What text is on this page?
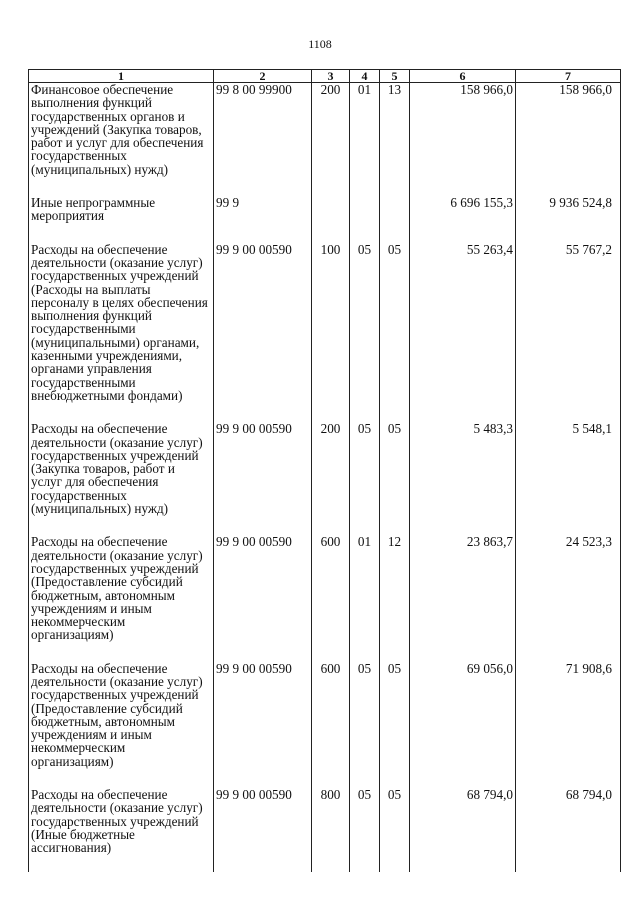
1108
1	2	3	4	5	6	7
Финансовое обеспечение выполнения функций государственных органов и учреждений (Закупка товаров, работ и услуг для обеспечения государственных (муниципальных) нужд)	99 8 00 99900	200	01	13	158 966,0	158 966,0
Иные непрограммные мероприятия	99 9				6 696 155,3	9 936 524,8
Расходы на обеспечение деятельности (оказание услуг) государственных учреждений (Расходы на выплаты персоналу в целях обеспечения выполнения функций государственными (муниципальными) органами, казенными учреждениями, органами управления государственными внебюджетными фондами)	99 9 00 00590	100	05	05	55 263,4	55 767,2
Расходы на обеспечение деятельности (оказание услуг) государственных учреждений (Закупка товаров, работ и услуг для обеспечения государственных (муниципальных) нужд)	99 9 00 00590	200	05	05	5 483,3	5 548,1
Расходы на обеспечение деятельности (оказание услуг) государственных учреждений (Предоставление субсидий бюджетным, автономным учреждениям и иным некоммерческим организациям)	99 9 00 00590	600	01	12	23 863,7	24 523,3
Расходы на обеспечение деятельности (оказание услуг) государственных учреждений (Предоставление субсидий бюджетным, автономным учреждениям и иным некоммерческим организациям)	99 9 00 00590	600	05	05	69 056,0	71 908,6
Расходы на обеспечение деятельности (оказание услуг) государственных учреждений (Иные бюджетные ассигнования)	99 9 00 00590	800	05	05	68 794,0	68 794,0
